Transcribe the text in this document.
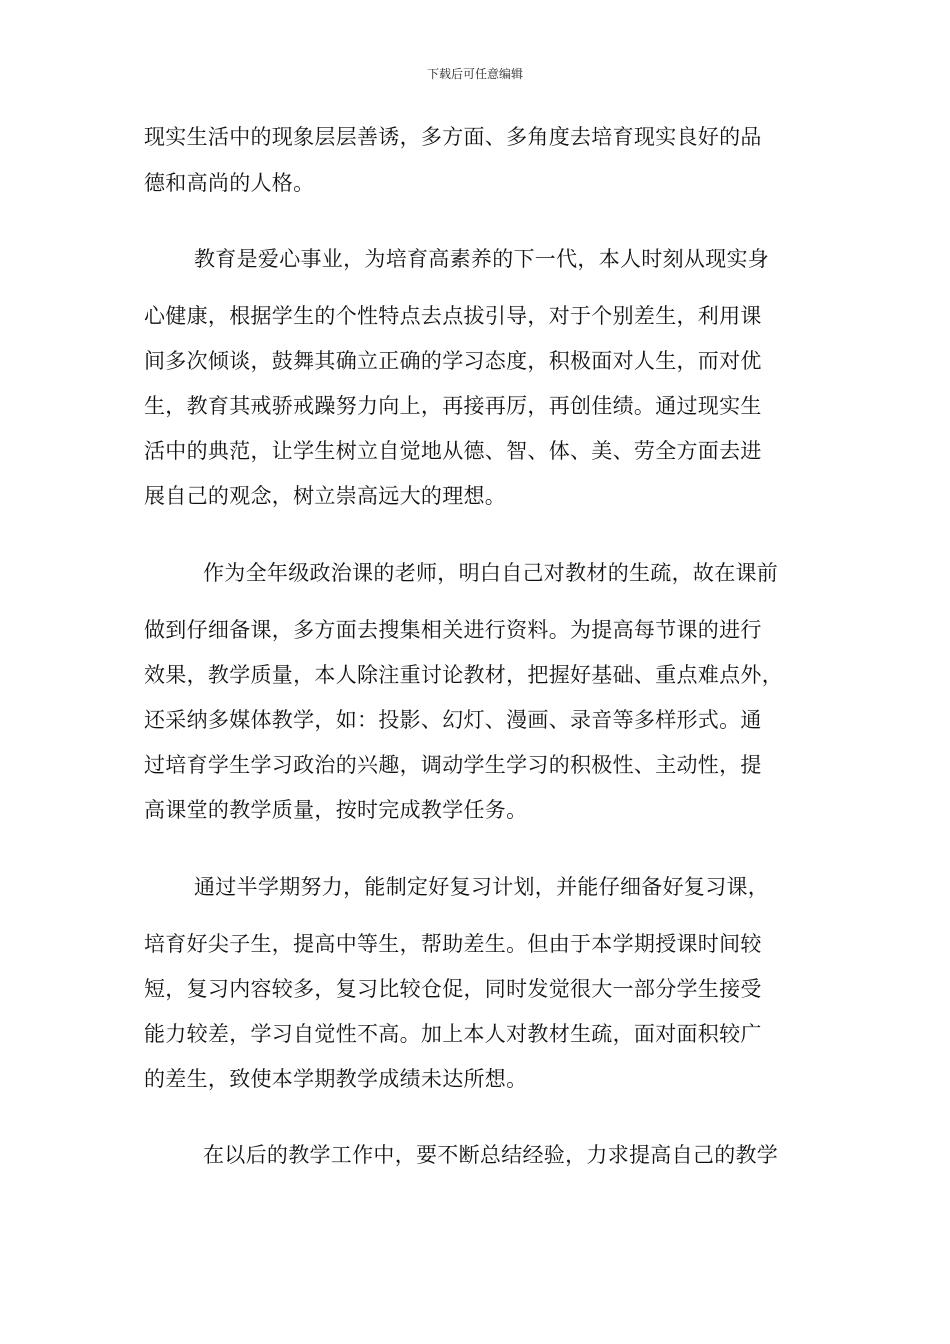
下载后可任意编辑
现实生活中的现象层层善诱，多方面、多角度去培育现实良好的品
德和高尚的人格。
教育是爱心事业，为培育高素养的下一代，本人时刻从现实身
心健康，根据学生的个性特点去点拔引导，对于个别差生，利用课
间多次倾谈，鼓舞其确立正确的学习态度，积极面对人生，而对优
生，教育其戒骄戒躁努力向上，再接再厉，再创佳绩。通过现实生
活中的典范，让学生树立自觉地从德、智、体、美、劳全方面去进
展自己的观念，树立崇高远大的理想。
作为全年级政治课的老师，明白自己对教材的生疏，故在课前
做到仔细备课，多方面去搜集相关进行资料。为提高每节课的进行
效果，教学质量，本人除注重讨论教材，把握好基础、重点难点外，
还采纳多媒体教学，如：投影、幻灯、漫画、录音等多样形式。通
过培育学生学习政治的兴趣，调动学生学习的积极性、主动性，提
高课堂的教学质量，按时完成教学任务。
通过半学期努力，能制定好复习计划，并能仔细备好复习课，
培育好尖子生，提高中等生，帮助差生。但由于本学期授课时间较
短，复习内容较多，复习比较仓促，同时发觉很大一部分学生接受
能力较差，学习自觉性不高。加上本人对教材生疏，面对面积较广
的差生，致使本学期教学成绩未达所想。
在以后的教学工作中，要不断总结经验，力求提高自己的教学
